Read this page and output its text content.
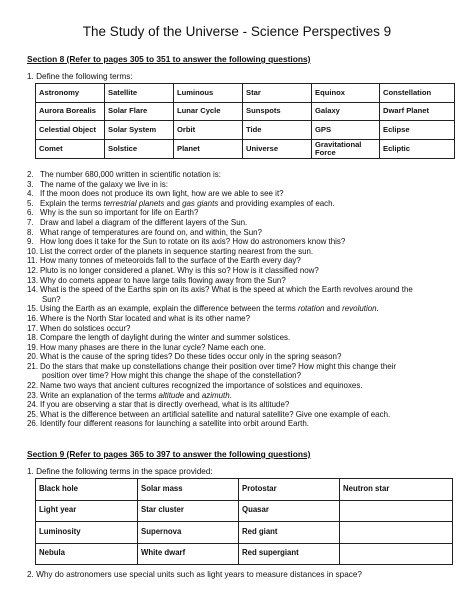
The Study of the Universe - Science Perspectives 9
Section 8 (Refer to pages 305 to 351 to answer the following questions)
1. Define the following terms:
Astronomy	Satellite	Luminous	Star	Equinox	Constellation
Aurora Borealis	Solar Flare	Lunar Cycle	Sunspots	Galaxy	Dwarf Planet
Celestial Object	Solar System	Orbit	Tide	GPS	Eclipse
Comet	Solstice	Planet	Universe	Gravitational Force	Ecliptic
2. The number 680,000 written in scientific notation is:
3. The name of the galaxy we live in is:
4. If the moon does not produce its own light, how are we able to see it?
5. Explain the terms terrestrial planets and gas giants and providing examples of each.
6. Why is the sun so important for life on Earth?
7. Draw and label a diagram of the different layers of the Sun.
8. What range of temperatures are found on, and within, the Sun?
9. How long does it take for the Sun to rotate on its axis? How do astronomers know this?
10. List the correct order of the planets in sequence starting nearest from the sun.
11. How many tonnes of meteoroids fall to the surface of the Earth every day?
12. Pluto is no longer considered a planet. Why is this so? How is it classified now?
13. Why do comets appear to have large tails flowing away from the Sun?
14. What is the speed of the Earths spin on its axis? What is the speed at which the Earth revolves around the
Sun?
15. Using the Earth as an example, explain the difference between the terms rotation and revolution.
16. Where is the North Star located and what is its other name?
17. When do solstices occur?
18. Compare the length of daylight during the winter and summer solstices.
19. How many phases are there in the lunar cycle? Name each one.
20. What is the cause of the spring tides? Do these tides occur only in the spring season?
21. Do the stars that make up constellations change their position over time? How might this change their
position over time? How might this change the shape of the constellation?
22. Name two ways that ancient cultures recognized the importance of solstices and equinoxes.
23. Write an explanation of the terms altitude and azimuth.
24. If you are observing a star that is directly overhead, what is its altitude?
25. What is the difference between an artificial satellite and natural satellite? Give one example of each.
26. Identify four different reasons for launching a satellite into orbit around Earth.
Section 9 (Refer to pages 365 to 397 to answer the following questions)
1. Define the following terms in the space provided:
Black hole	Solar mass	Protostar	Neutron star
Light year	Star cluster	Quasar	
Luminosity	Supernova	Red giant	
Nebula	White dwarf	Red supergiant	
2. Why do astronomers use special units such as light years to measure distances in space?
